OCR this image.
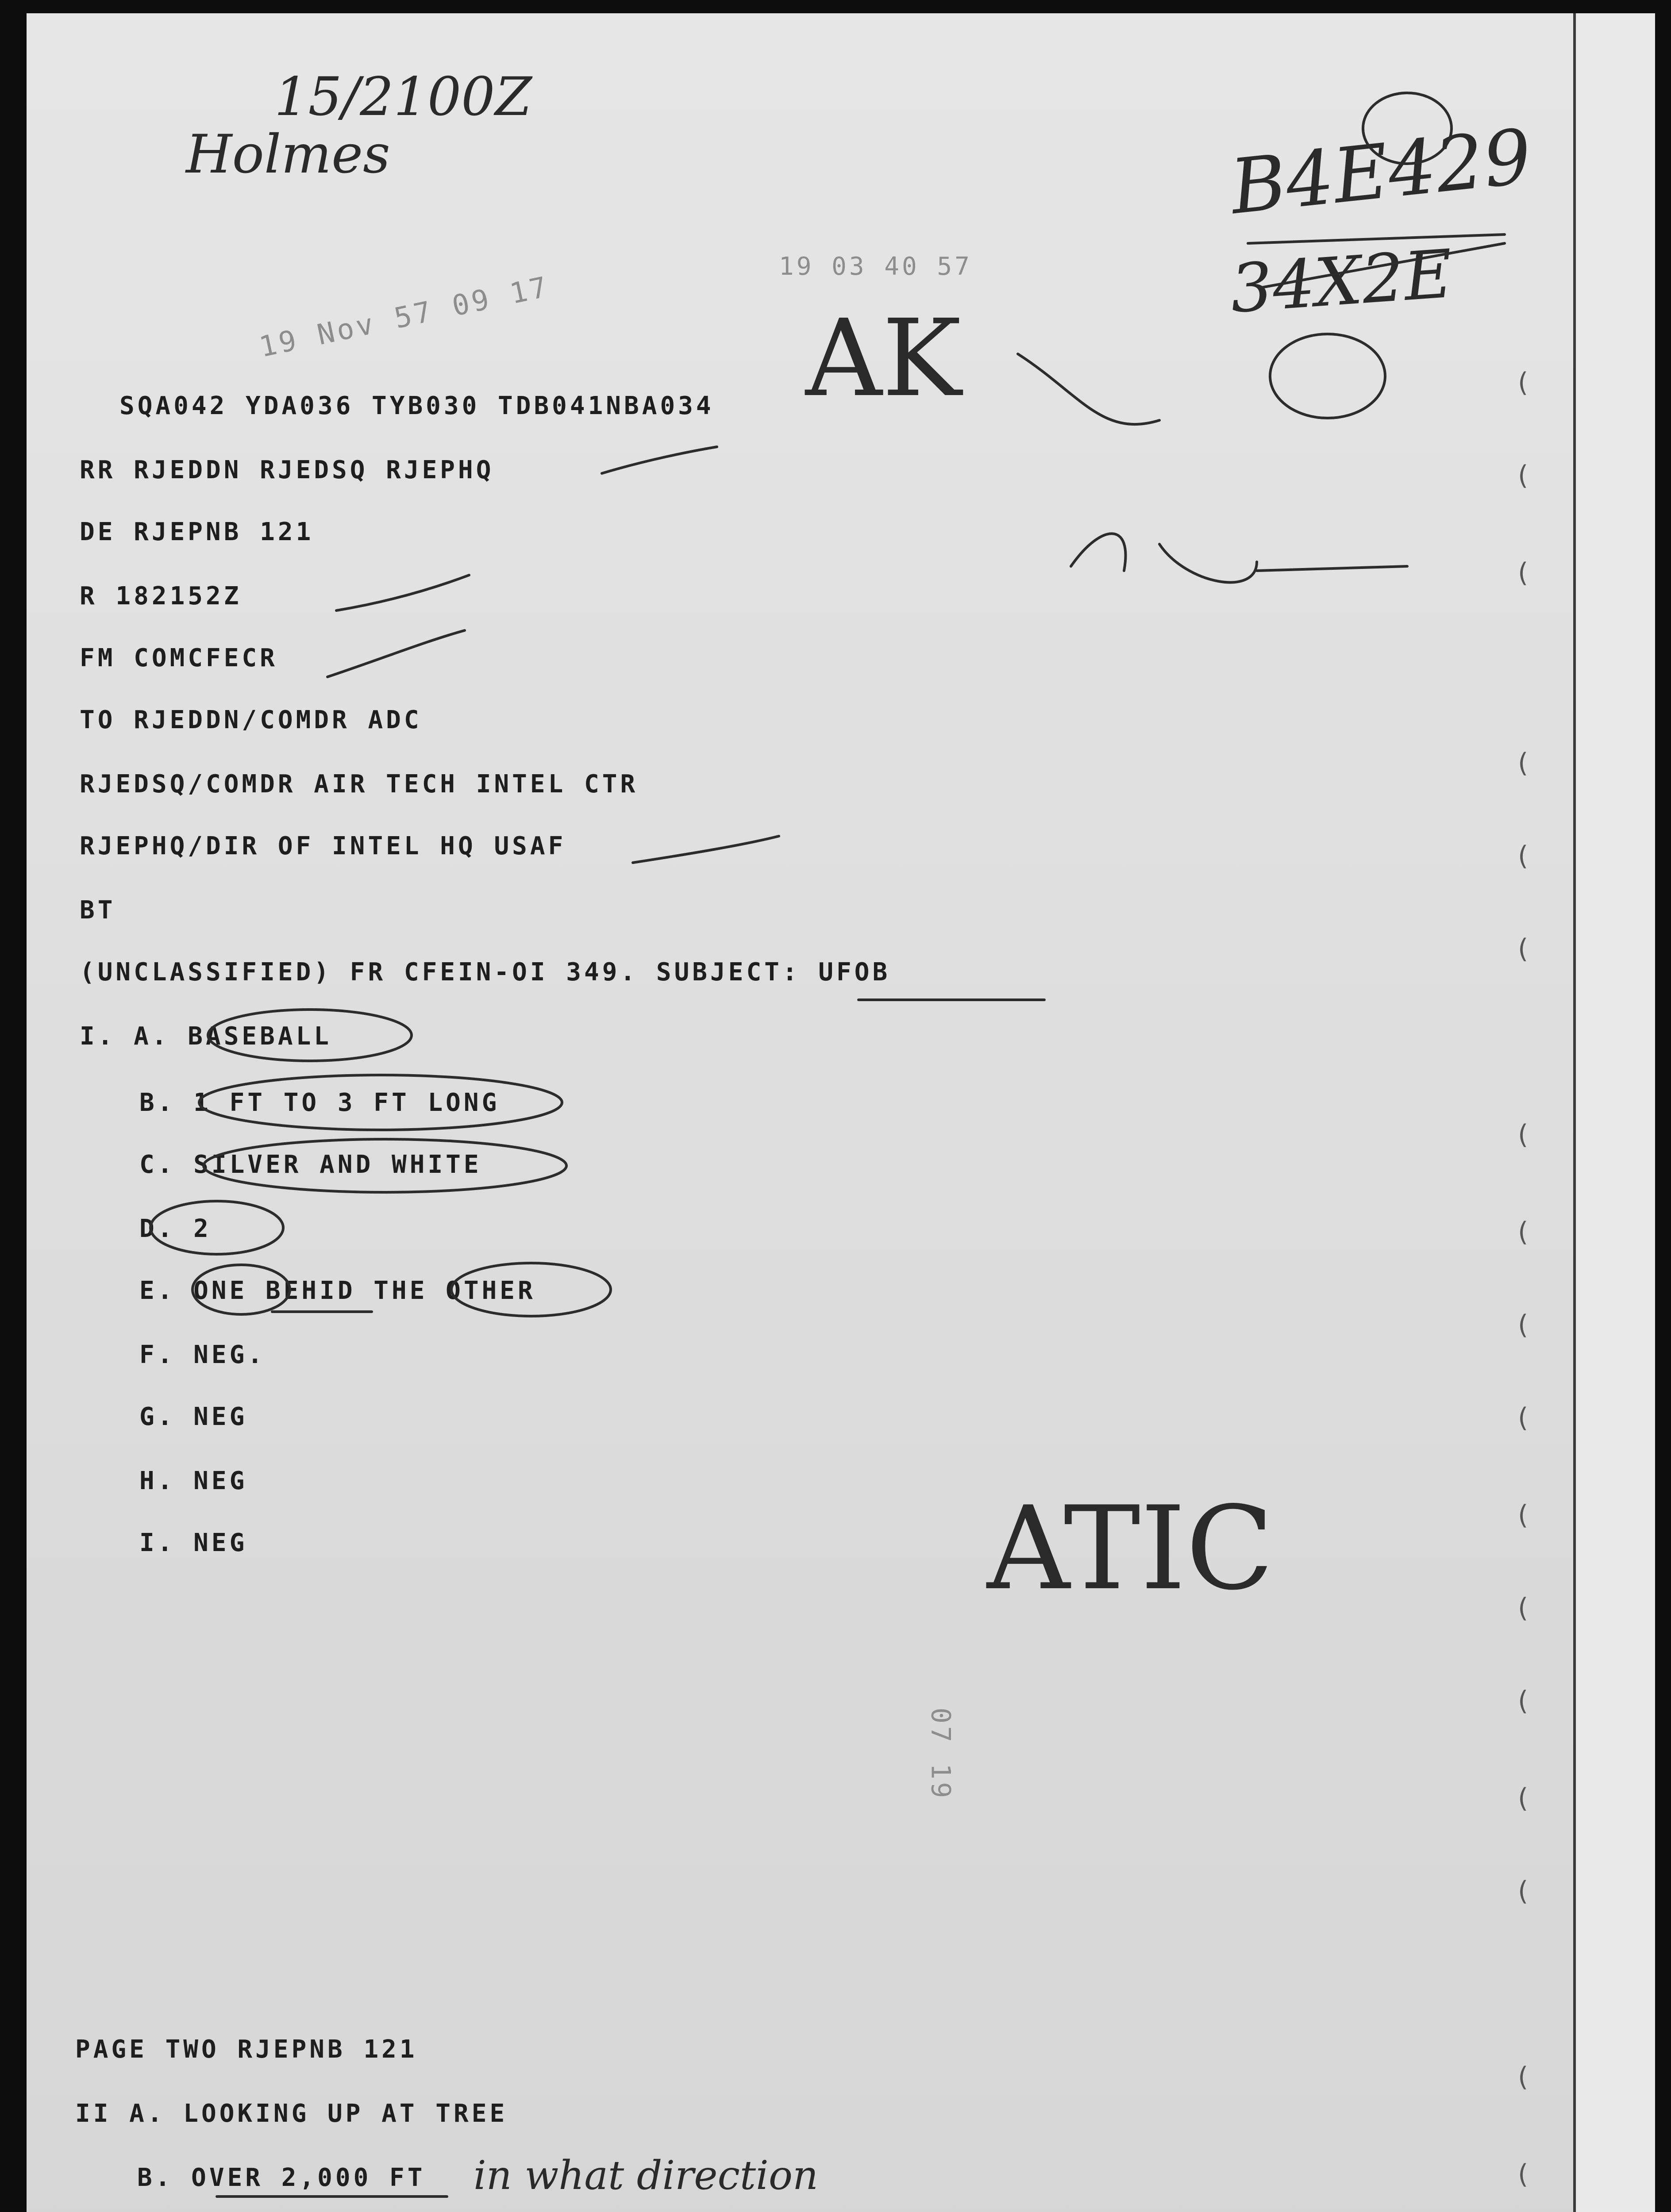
(
(
(
(
(
(
(
(
(
(
(
(
(
(
(
(
(
15/2100Z
Holmes
19 Nov 57 09 17
19 03 40 57
AK
B4E429
34X2E
SQA042 YDA036 TYB030 TDB041NBA034
RR RJEDDN RJEDSQ RJEPHQ
DE RJEPNB 121
R 182152Z
FM COMCFECR
TO RJEDDN/COMDR ADC
RJEDSQ/COMDR AIR TECH INTEL CTR
RJEPHQ/DIR OF INTEL HQ USAF
BT
(UNCLASSIFIED) FR CFEIN-OI 349. SUBJECT: UFOB
I. A. BASEBALL
B. 1 FT TO 3 FT LONG
C. SILVER AND WHITE
D. 2
E. ONE BEHID THE OTHER
F. NEG.
G. NEG
H. NEG
I. NEG
PAGE TWO RJEPNB 121
II A. LOOKING UP AT TREE
B. OVER 2,000 FT in what direction
ATIC
07 19
